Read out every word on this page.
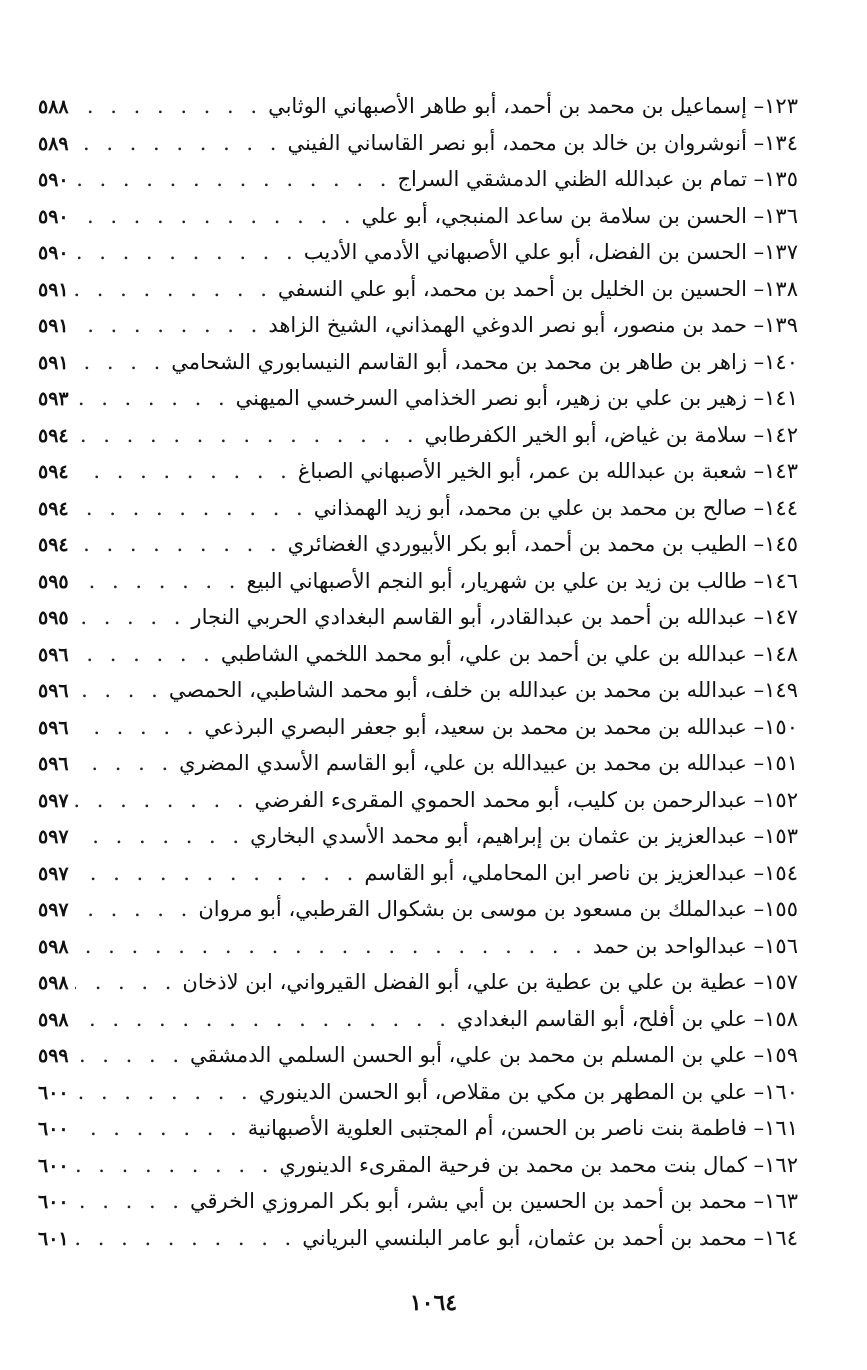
١٢٣– إسماعيل بن محمد بن أحمد، أبو طاهر الأصبهاني الوثابي
. . .
٥٨٨
١٣٤– أنوشروان بن خالد بن محمد، أبو نصر القاساني الفيني
. . .
٥٨٩
١٣٥– تمام بن عبدالله الظني الدمشقي السراج
. . .
٥٩٠
١٣٦– الحسن بن سلامة بن ساعد المنبجي، أبو علي
. . .
٥٩٠
١٣٧– الحسن بن الفضل، أبو علي الأصبهاني الأدمي الأديب
. . .
٥٩٠
١٣٨– الحسين بن الخليل بن أحمد بن محمد، أبو علي النسفي
. . .
٥٩١
١٣٩– حمد بن منصور، أبو نصر الدوغي الهمذاني، الشيخ الزاهد
. . .
٥٩١
١٤٠– زاهر بن طاهر بن محمد بن محمد، أبو القاسم النيسابوري الشحامي
. . .
٥٩١
١٤١– زهير بن علي بن زهير، أبو نصر الخذامي السرخسي الميهني
. . .
٥٩٣
١٤٢– سلامة بن غياض، أبو الخير الكفرطابي
. . .
٥٩٤
١٤٣– شعبة بن عبدالله بن عمر، أبو الخير الأصبهاني الصباغ
. . .
٥٩٤
١٤٤– صالح بن محمد بن علي بن محمد، أبو زيد الهمذاني
. . .
٥٩٤
١٤٥– الطيب بن محمد بن أحمد، أبو بكر الأبيوردي الغضائري
. . .
٥٩٤
١٤٦– طالب بن زيد بن علي بن شهريار، أبو النجم الأصبهاني البيع
. . .
٥٩٥
١٤٧– عبدالله بن أحمد بن عبدالقادر، أبو القاسم البغدادي الحربي النجار
. . .
٥٩٥
١٤٨– عبدالله بن علي بن أحمد بن علي، أبو محمد اللخمي الشاطبي
. . .
٥٩٦
١٤٩– عبدالله بن محمد بن عبدالله بن خلف، أبو محمد الشاطبي، الحمصي
. . .
٥٩٦
١٥٠– عبدالله بن محمد بن محمد بن سعيد، أبو جعفر البصري البرذعي
. . .
٥٩٦
١٥١– عبدالله بن محمد بن عبيدالله بن علي، أبو القاسم الأسدي المضري
. . .
٥٩٦
١٥٢– عبدالرحمن بن كليب، أبو محمد الحموي المقرىء الفرضي
. . .
٥٩٧
١٥٣– عبدالعزيز بن عثمان بن إبراهيم، أبو محمد الأسدي البخاري
. . .
٥٩٧
١٥٤– عبدالعزيز بن ناصر ابن المحاملي، أبو القاسم
. . .
٥٩٧
١٥٥– عبدالملك بن مسعود بن موسى بن بشكوال القرطبي، أبو مروان
. . .
٥٩٧
١٥٦– عبدالواحد بن حمد
. . .
٥٩٨
١٥٧– عطية بن علي بن عطية بن علي، أبو الفضل القيرواني، ابن لاذخان
. . .
٥٩٨
١٥٨– علي بن أفلح، أبو القاسم البغدادي
. . .
٥٩٨
١٥٩– علي بن المسلم بن محمد بن علي، أبو الحسن السلمي الدمشقي
. . .
٥٩٩
١٦٠– علي بن المطهر بن مكي بن مقلاص، أبو الحسن الدينوري
. . .
٦٠٠
١٦١– فاطمة بنت ناصر بن الحسن، أم المجتبى العلوية الأصبهانية
. . .
٦٠٠
١٦٢– كمال بنت محمد بن محمد بن فرحية المقرىء الدينوري
. . .
٦٠٠
١٦٣– محمد بن أحمد بن الحسين بن أبي بشر، أبو بكر المروزي الخرقي
. . .
٦٠٠
١٦٤– محمد بن أحمد بن عثمان، أبو عامر البلنسي البرياني
. . .
٦٠١
١٠٦٤
